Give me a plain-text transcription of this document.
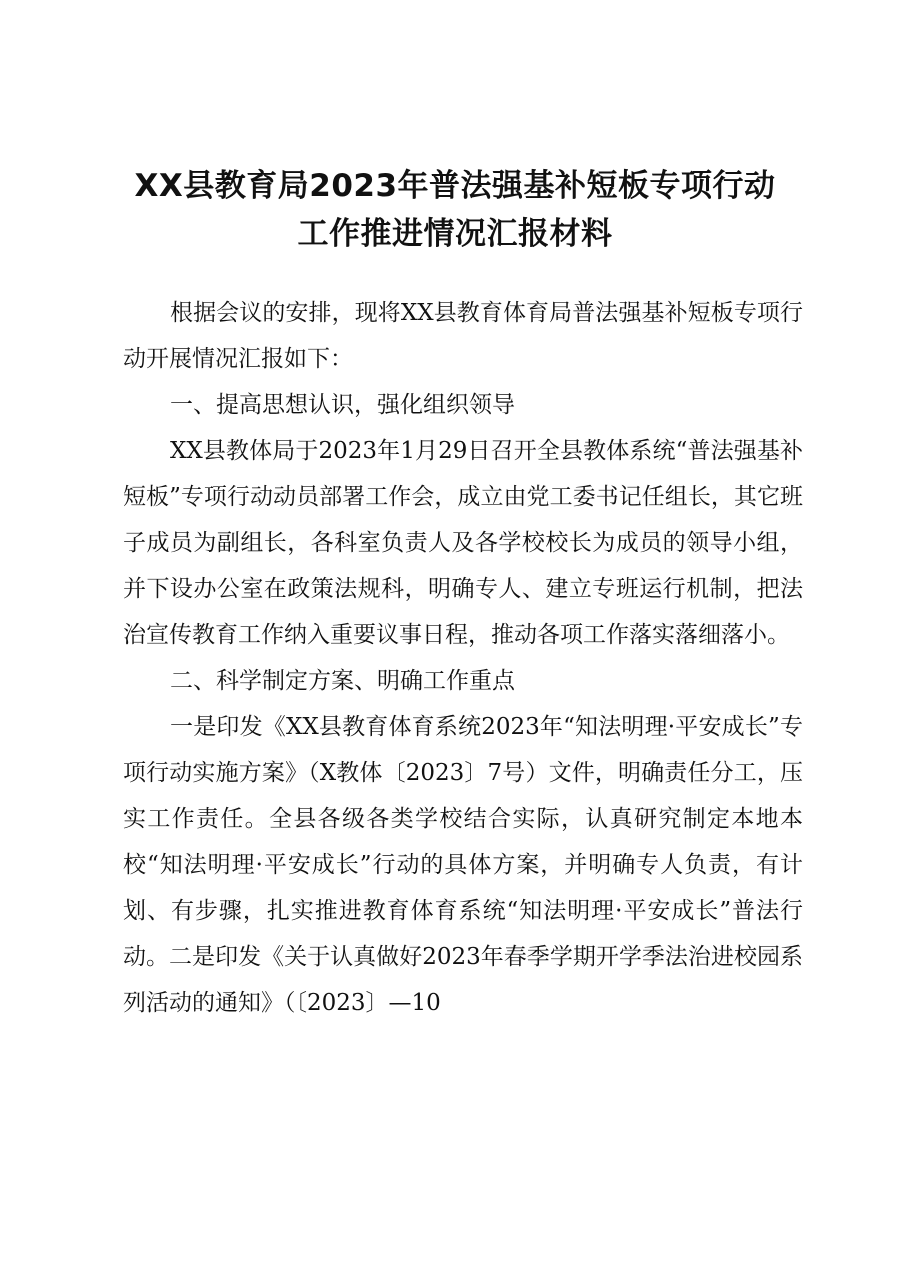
XX县教育局2023年普法强基补短板专项行动
工作推进情况汇报材料

根据会议的安排，现将XX县教育体育局普法强基补短板专项行动开展情况汇报如下：

一、提高思想认识，强化组织领导

XX县教体局于2023年1月29日召开全县教体系统“普法强基补短板”专项行动动员部署工作会，成立由党工委书记任组长，其它班子成员为副组长，各科室负责人及各学校校长为成员的领导小组，并下设办公室在政策法规科，明确专人、建立专班运行机制，把法治宣传教育工作纳入重要议事日程，推动各项工作落实落细落小。

二、科学制定方案、明确工作重点

一是印发《XX县教育体育系统2023年“知法明理·平安成长”专项行动实施方案》（X教体〔2023〕7号）文件，明确责任分工，压实工作责任。全县各级各类学校结合实际，认真研究制定本地本校“知法明理·平安成长”行动的具体方案，并明确专人负责，有计划、有步骤，扎实推进教育体育系统“知法明理·平安成长”普法行动。二是印发《关于认真做好2023年春季学期开学季法治进校园系列活动的通知》（〔2023〕—10
